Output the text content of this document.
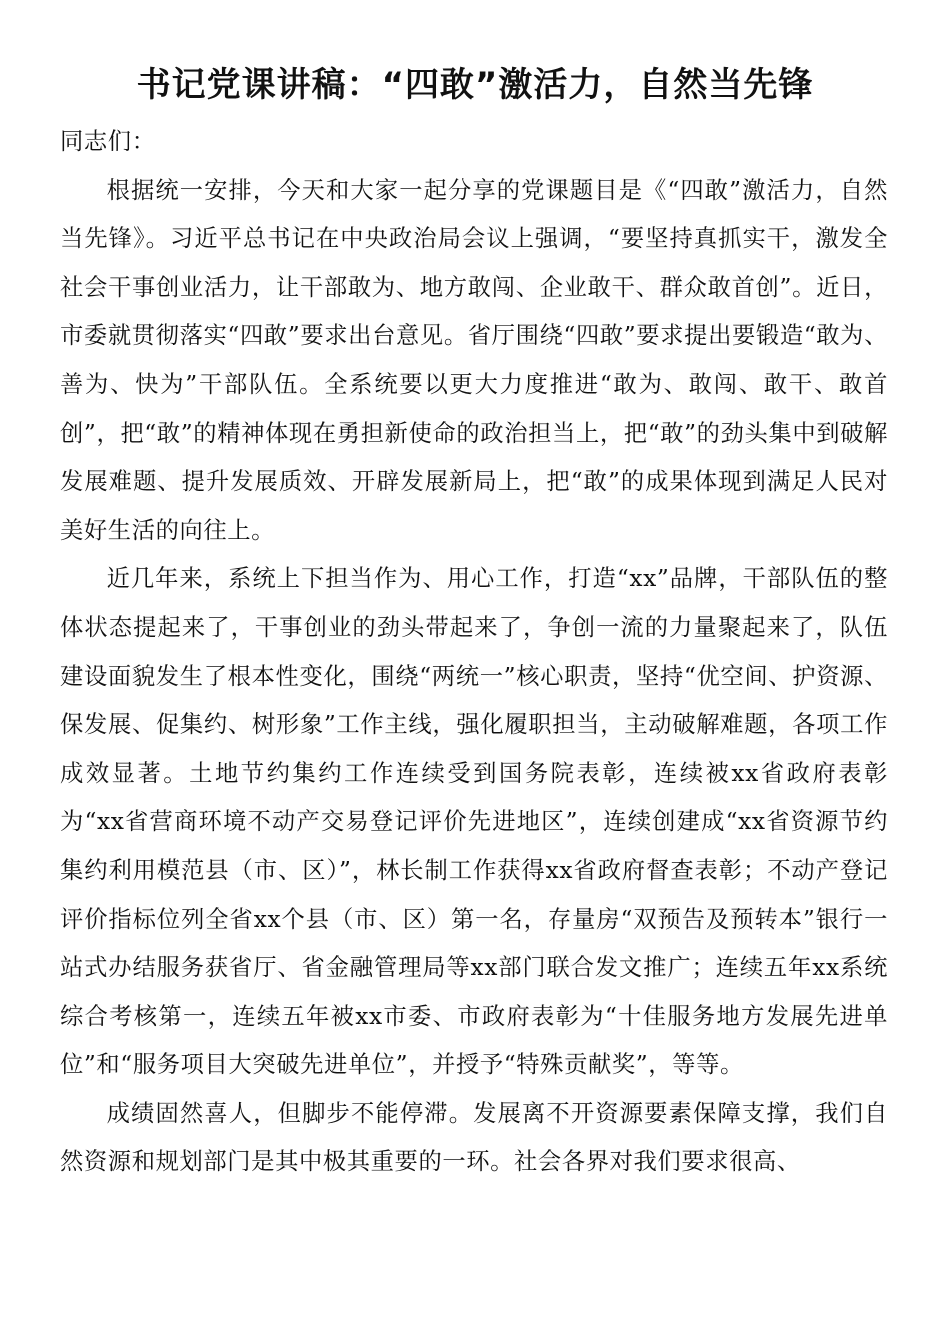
书记党课讲稿：“四敢”激活力，自然当先锋

同志们：

根据统一安排，今天和大家一起分享的党课题目是《“四敢”激活力，自然当先锋》。习近平总书记在中央政治局会议上强调，“要坚持真抓实干，激发全社会干事创业活力，让干部敢为、地方敢闯、企业敢干、群众敢首创”。近日，市委就贯彻落实“四敢”要求出台意见。省厅围绕“四敢”要求提出要锻造“敢为、善为、快为”干部队伍。全系统要以更大力度推进“敢为、敢闯、敢干、敢首创”，把“敢”的精神体现在勇担新使命的政治担当上，把“敢”的劲头集中到破解发展难题、提升发展质效、开辟发展新局上，把“敢”的成果体现到满足人民对美好生活的向往上。

近几年来，系统上下担当作为、用心工作，打造“xx”品牌，干部队伍的整体状态提起来了，干事创业的劲头带起来了，争创一流的力量聚起来了，队伍建设面貌发生了根本性变化，围绕“两统一”核心职责，坚持“优空间、护资源、保发展、促集约、树形象”工作主线，强化履职担当，主动破解难题，各项工作成效显著。土地节约集约工作连续受到国务院表彰，连续被xx省政府表彰为“xx省营商环境不动产交易登记评价先进地区”，连续创建成“xx省资源节约集约利用模范县（市、区）”，林长制工作获得xx省政府督查表彰；不动产登记评价指标位列全省xx个县（市、区）第一名，存量房“双预告及预转本”银行一站式办结服务获省厅、省金融管理局等xx部门联合发文推广；连续五年xx系统综合考核第一，连续五年被xx市委、市政府表彰为“十佳服务地方发展先进单位”和“服务项目大突破先进单位”，并授予“特殊贡献奖”，等等。

成绩固然喜人，但脚步不能停滞。发展离不开资源要素保障支撑，我们自然资源和规划部门是其中极其重要的一环。社会各界对我们要求很高、
